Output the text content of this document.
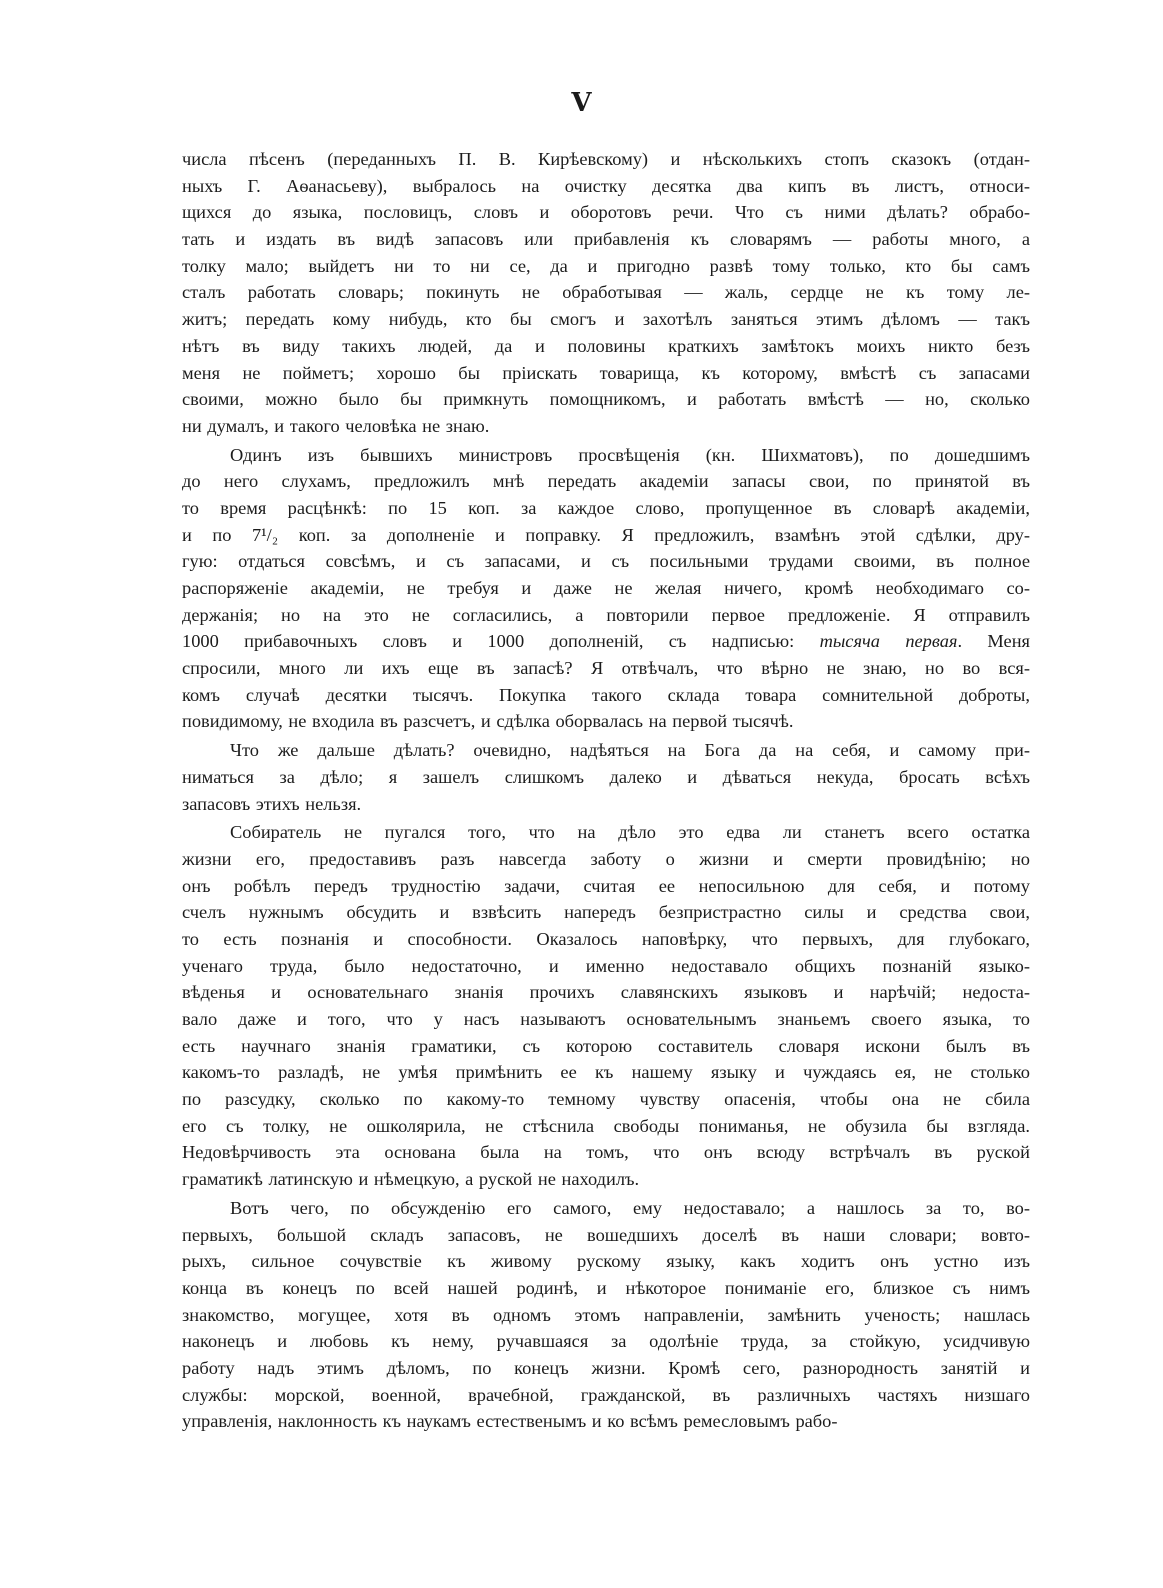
V
числа пѣсенъ (переданныхъ П. В. Кирѣевскому) и нѣсколькихъ стопъ сказокъ (отдан-
ныхъ Г. Аѳанасьеву), выбралось на очистку десятка два кипъ въ листъ, относи-
щихся до языка, пословицъ, словъ и оборотовъ речи. Что съ ними дѣлать? обрабо-
тать и издать въ видѣ запасовъ или прибавленія къ словарямъ — работы много, а
толку мало; выйдетъ ни то ни се, да и пригодно развѣ тому только, кто бы самъ
сталъ работать словарь; покинуть не обработывая — жаль, сердце не къ тому ле-
житъ; передать кому нибудь, кто бы смогъ и захотѣлъ заняться этимъ дѣломъ — такъ
нѣтъ въ виду такихъ людей, да и половины краткихъ замѣтокъ моихъ никто безъ
меня не пойметъ; хорошо бы пріискать товарища, къ которому, вмѣстѣ съ запасами
своими, можно было бы примкнуть помощникомъ, и работать вмѣстѣ — но, сколько
ни думалъ, и такого человѣка не знаю.
Одинъ изъ бывшихъ министровъ просвѣщенія (кн. Шихматовъ), по дошедшимъ
до него слухамъ, предложилъ мнѣ передать академіи запасы свои, по принятой въ
то время расцѣнкѣ: по 15 коп. за каждое слово, пропущенное въ словарѣ академіи,
и по 7¹/₂ коп. за дополненіе и поправку. Я предложилъ, взамѣнъ этой сдѣлки, дру-
гую: отдаться совсѣмъ, и съ запасами, и съ посильными трудами своими, въ полное
распоряженіе академіи, не требуя и даже не желая ничего, кромѣ необходимаго со-
держанія; но на это не согласились, а повторили первое предложеніе. Я отправилъ
1000 прибавочныхъ словъ и 1000 дополненій, съ надписью: тысяча первая. Меня
спросили, много ли ихъ еще въ запасѣ? Я отвѣчалъ, что вѣрно не знаю, но во вся-
комъ случаѣ десятки тысячъ. Покупка такого склада товара сомнительной доброты,
повидимому, не входила въ разсчетъ, и сдѣлка оборвалась на первой тысячѣ.
Что же дальше дѣлать? очевидно, надѣяться на Бога да на себя, и самому при-
ниматься за дѣло; я зашелъ слишкомъ далеко и дѣваться некуда, бросать всѣхъ
запасовъ этихъ нельзя.
Собиратель не пугался того, что на дѣло это едва ли станетъ всего остатка
жизни его, предоставивъ разъ навсегда заботу о жизни и смерти провидѣнію; но
онъ робѣлъ передъ трудностію задачи, считая ее непосильною для себя, и потому
счелъ нужнымъ обсудить и взвѣсить напередъ безпристрастно силы и средства свои,
то есть познанія и способности. Оказалось наповѣрку, что первыхъ, для глубокаго,
ученаго труда, было недостаточно, и именно недоставало общихъ познаній языко-
вѣденья и основательнаго знанія прочихъ славянскихъ языковъ и нарѣчій; недоста-
вало даже и того, что у насъ называютъ основательнымъ знаньемъ своего языка, то
есть научнаго знанія граматики, съ которою составитель словаря искони былъ въ
какомъ-то разладѣ, не умѣя примѣнить ее къ нашему языку и чуждаясь ея, не столько
по разсудку, сколько по какому-то темному чувству опасенія, чтобы она не сбила
его съ толку, не ошколярила, не стѣснила свободы пониманья, не обузила бы взгляда.
Недовѣрчивость эта основана была на томъ, что онъ всюду встрѣчалъ въ руской
граматикѣ латинскую и нѣмецкую, а руской не находилъ.
Вотъ чего, по обсужденію его самого, ему недоставало; а нашлось за то, во-
первыхъ, большой складъ запасовъ, не вошедшихъ доселѣ въ наши словари; вовто-
рыхъ, сильное сочувствіе къ живому рускому языку, какъ ходитъ онъ устно изъ
конца въ конецъ по всей нашей родинѣ, и нѣкоторое пониманіе его, близкое съ нимъ
знакомство, могущее, хотя въ одномъ этомъ направленіи, замѣнить ученость; нашлась
наконецъ и любовь къ нему, ручавшаяся за одолѣніе труда, за стойкую, усидчивую
работу надъ этимъ дѣломъ, по конецъ жизни. Кромѣ сего, разнородность занятій и
службы: морской, военной, врачебной, гражданской, въ различныхъ частяхъ низшаго
управленія, наклонность къ наукамъ естественымъ и ко всѣмъ ремесловымъ рабо-
